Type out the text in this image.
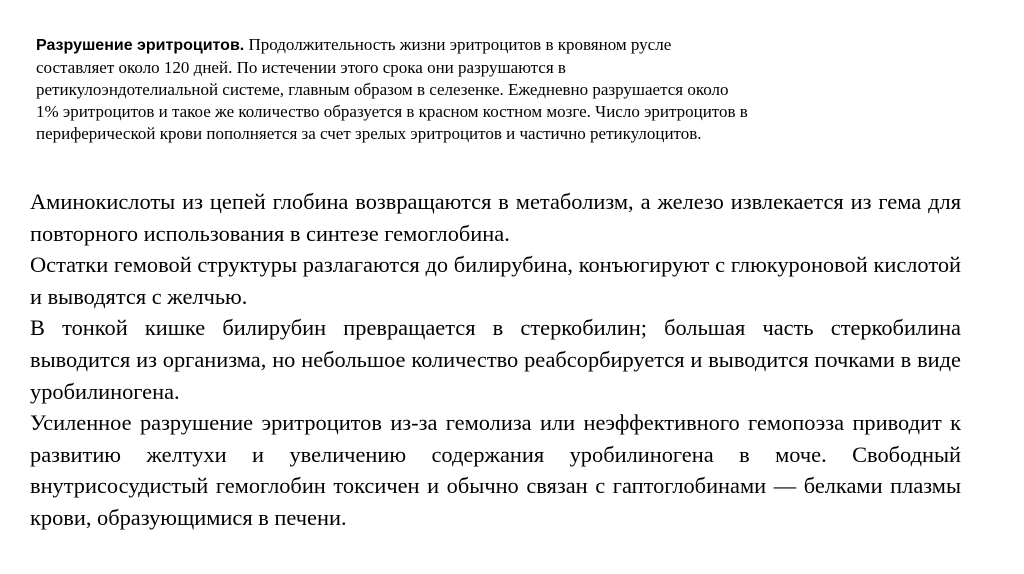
Разрушение эритроцитов. Продолжительность жизни эритроцитов в кровяном русле
составляет около 120 дней. По истечении этого срока они разрушаются в
ретикулоэндотелиальной системе, главным образом в селезенке. Ежедневно разрушается около
1% эритроцитов и такое же количество образуется в красном костном мозге. Число эритроцитов в
периферической крови пополняется за счет зрелых эритроцитов и частично ретикулоцитов.

Аминокислоты из цепей глобина возвращаются в метаболизм, а железо извлекается из гема для повторного использования в синтезе гемоглобина.

Остатки гемовой структуры разлагаются до билирубина, конъюгируют с глюкуроновой кислотой и выводятся с желчью.

В тонкой кишке билирубин превращается в стеркобилин; большая часть стеркобилина выводится из организма, но небольшое количество реабсорбируется и выводится почками в виде уробилиногена.

Усиленное разрушение эритроцитов из-за гемолиза или неэффективного гемопоэза приводит к развитию желтухи и увеличению содержания уробилиногена в моче. Свободный внутрисосудистый гемоглобин токсичен и обычно связан с гаптоглобинами — белками плазмы крови, образующимися в печени.
